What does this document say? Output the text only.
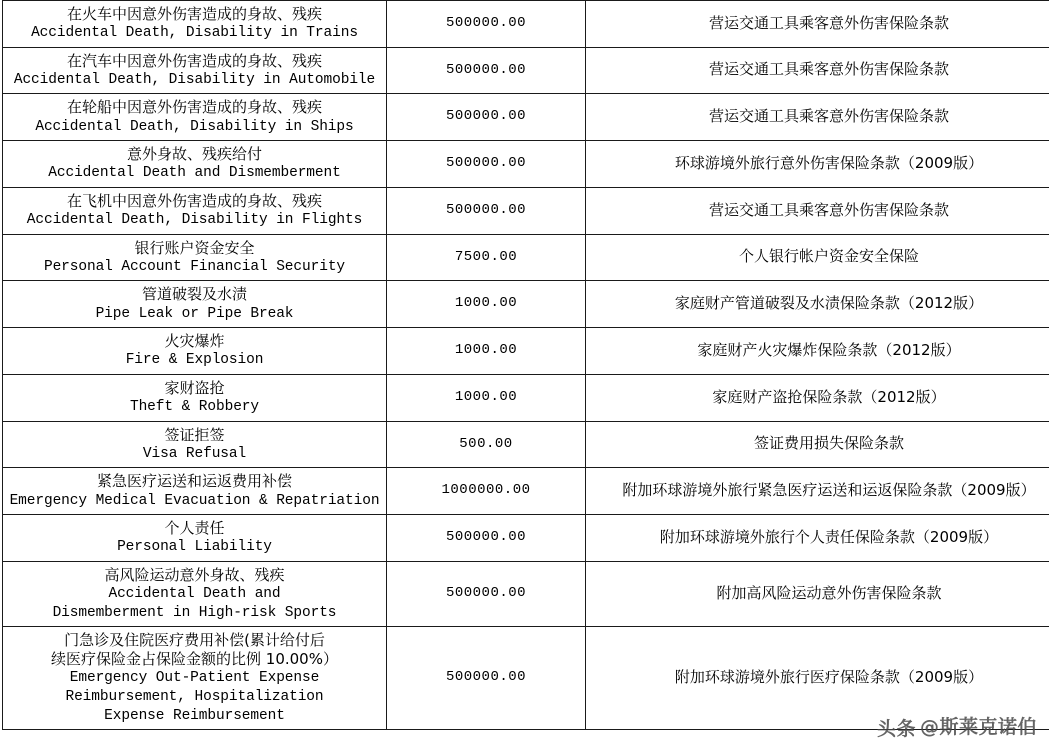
在火车中因意外伤害造成的身故、残疾
Accidental Death, Disability in Trains	500000.00	营运交通工具乘客意外伤害保险条款

在汽车中因意外伤害造成的身故、残疾
Accidental Death, Disability in Automobile	500000.00	营运交通工具乘客意外伤害保险条款

在轮船中因意外伤害造成的身故、残疾
Accidental Death, Disability in Ships	500000.00	营运交通工具乘客意外伤害保险条款

意外身故、残疾给付
Accidental Death and Dismemberment	500000.00	环球游境外旅行意外伤害保险条款（2009版）

在飞机中因意外伤害造成的身故、残疾
Accidental Death, Disability in Flights	500000.00	营运交通工具乘客意外伤害保险条款

银行账户资金安全
Personal Account Financial Security	7500.00	个人银行帐户资金安全保险

管道破裂及水渍
Pipe Leak or Pipe Break	1000.00	家庭财产管道破裂及水渍保险条款（2012版）

火灾爆炸
Fire & Explosion	1000.00	家庭财产火灾爆炸保险条款（2012版）

家财盗抢
Theft & Robbery	1000.00	家庭财产盗抢保险条款（2012版）

签证拒签
Visa Refusal	500.00	签证费用损失保险条款

紧急医疗运送和运返费用补偿
Emergency Medical Evacuation & Repatriation	1000000.00	附加环球游境外旅行紧急医疗运送和运返保险条款（2009版）

个人责任
Personal Liability	500000.00	附加环球游境外旅行个人责任保险条款（2009版）

高风险运动意外身故、残疾
Accidental Death and
Dismemberment in High-risk Sports	500000.00	附加高风险运动意外伤害保险条款

门急诊及住院医疗费用补偿(累计给付后
续医疗保险金占保险金额的比例 10.00%）
Emergency Out-Patient Expense
Reimbursement, Hospitalization
Expense Reimbursement	500000.00	附加环球游境外旅行医疗保险条款（2009版）
头条 @斯莱克诺伯
